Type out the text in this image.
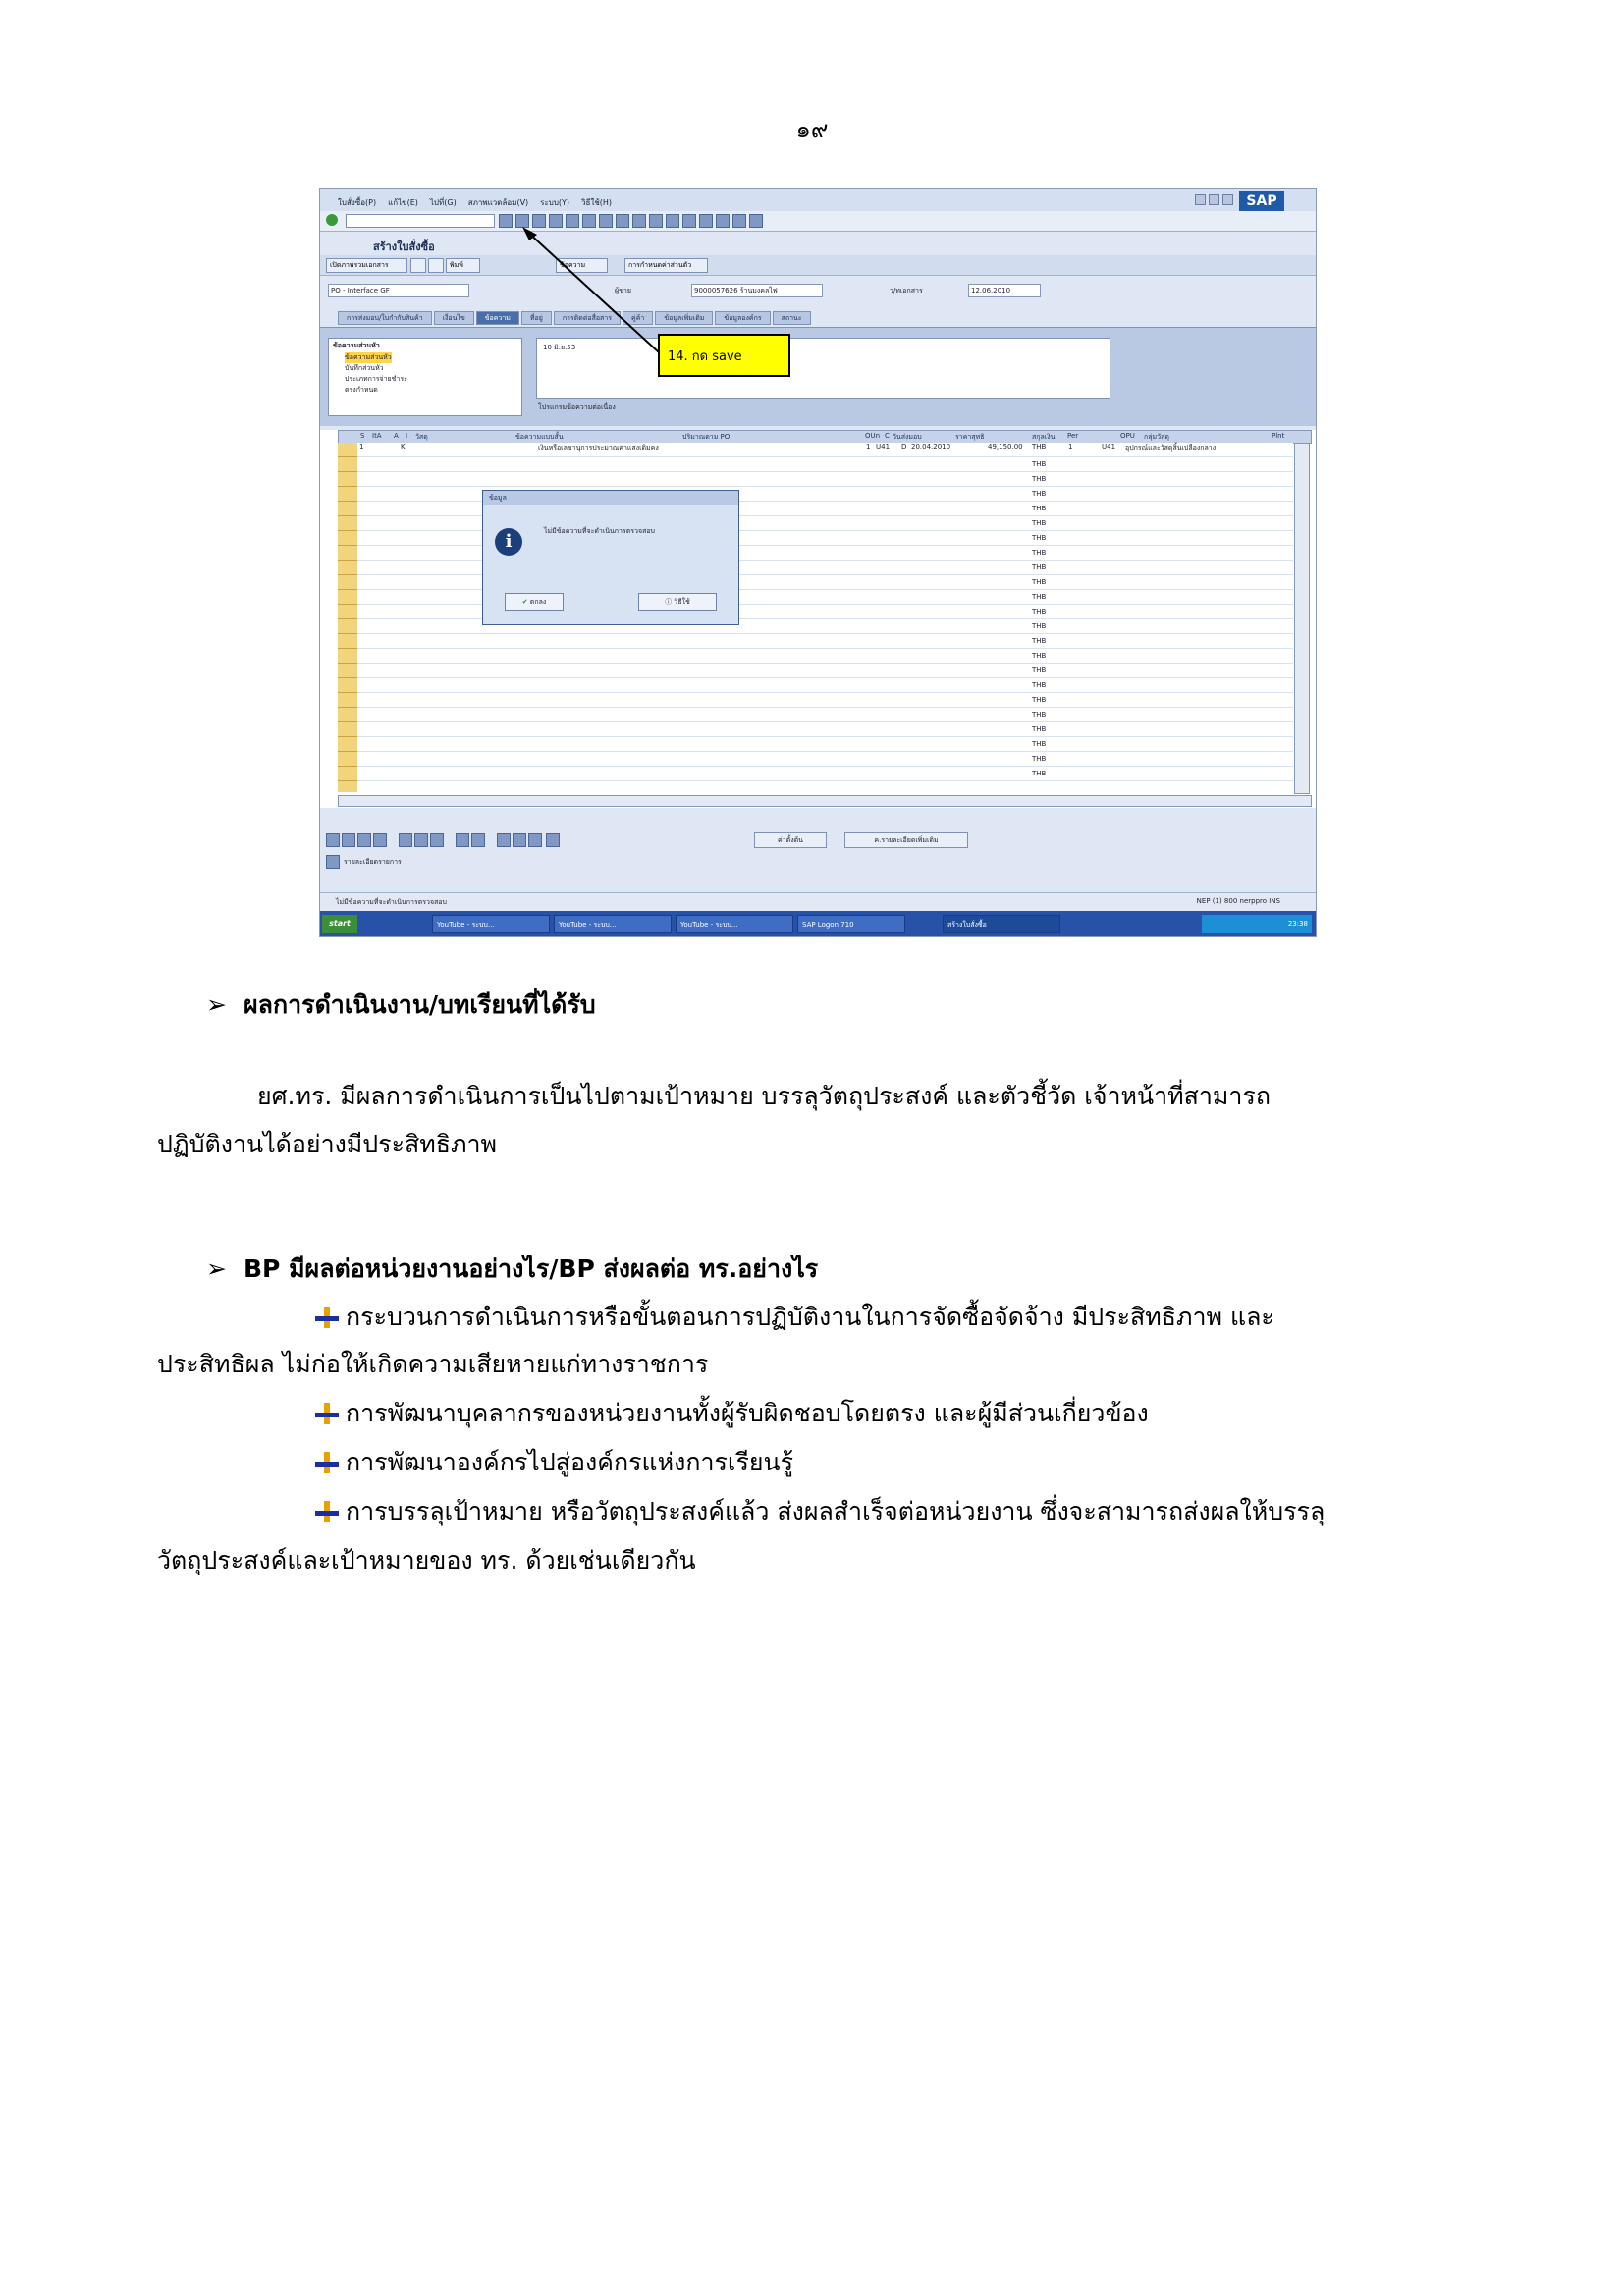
๑๙
ใบสั่งซื้อ(P) แก้ไข(E) ไปที่(G) สภาพแวดล้อม(V) ระบบ(Y) วิธีใช้(H)	SAP
สร้างใบสั่งซื้อ
เปิดภาพรวมเอกสาร	พิมพ์	ข้อความ	การกำหนดค่าส่วนตัว
PO - Interface GF	ผู้ขาย	9000057626 ร้านมงคลไฟ	ว/ทเอกสาร	12.06.2010
การส่งมอบ/ใบกำกับสินค้า	เงื่อนไข	ข้อความ	ที่อยู่	การติดต่อสื่อสาร	คู่ค้า	ข้อมูลเพิ่มเติม	ข้อมูลองค์กร	สถานะ
ข้อความส่วนหัว
ข้อความส่วนหัว
บันทึกส่วนหัว
ประเภทการจ่ายชำระ
ตรงกำหนด
10 มิ.ย.53
โปรแกรมข้อความต่อเนื่อง
14. กด save
S ItA A I วัสดุ	ข้อความแบบสั้น	ปริมาณตาม PO	OUn C วันส่งมอบ	ราคาสุทธิ	สกุลเงิน Per	OPU กลุ่มวัสดุ	Plnt
1	K	เงินหรือเลขานุการประมาณค่าแสงเดิมคง	1 U41 D 20.04.2010	49,150.00 THB	1	U41 อุปกรณ์และวัสดุสิ้นเปลืองกลาง
THB
THB
THB
THB
THB
THB
THB
THB
THB
THB
THB
THB
THB
THB
THB
THB
THB
THB
THB
THB
THB
THB
ข้อมูล
i	ไม่มีข้อความที่จะดำเนินการตรวจสอบ
✔ ตกลง	ⓘ วิธีใช้
ค่าตั้งต้น	ค.รายละเอียดเพิ่มเติม
รายละเอียดรายการ
ไม่มีข้อความที่จะดำเนินการตรวจสอบ	NEP (1) 800 nerppro INS
start	YouTube - ระบบ...	YouTube - ระบบ...	YouTube - ระบบ...	SAP Logon 710	สร้างใบสั่งซื้อ	23:38
➢ ผลการดำเนินงาน/บทเรียนที่ได้รับ
ยศ.ทร. มีผลการดำเนินการเป็นไปตามเป้าหมาย บรรลุวัตถุประสงค์ และตัวชี้วัด เจ้าหน้าที่สามารถ
ปฏิบัติงานได้อย่างมีประสิทธิภาพ
➢ BP มีผลต่อหน่วยงานอย่างไร/BP ส่งผลต่อ ทร.อย่างไร
กระบวนการดำเนินการหรือขั้นตอนการปฏิบัติงานในการจัดซื้อจัดจ้าง มีประสิทธิภาพ และ
ประสิทธิผล ไม่ก่อให้เกิดความเสียหายแก่ทางราชการ
การพัฒนาบุคลากรของหน่วยงานทั้งผู้รับผิดชอบโดยตรง และผู้มีส่วนเกี่ยวข้อง
การพัฒนาองค์กรไปสู่องค์กรแห่งการเรียนรู้
การบรรลุเป้าหมาย หรือวัตถุประสงค์แล้ว ส่งผลสำเร็จต่อหน่วยงาน ซึ่งจะสามารถส่งผลให้บรรลุ
วัตถุประสงค์และเป้าหมายของ ทร. ด้วยเช่นเดียวกัน
